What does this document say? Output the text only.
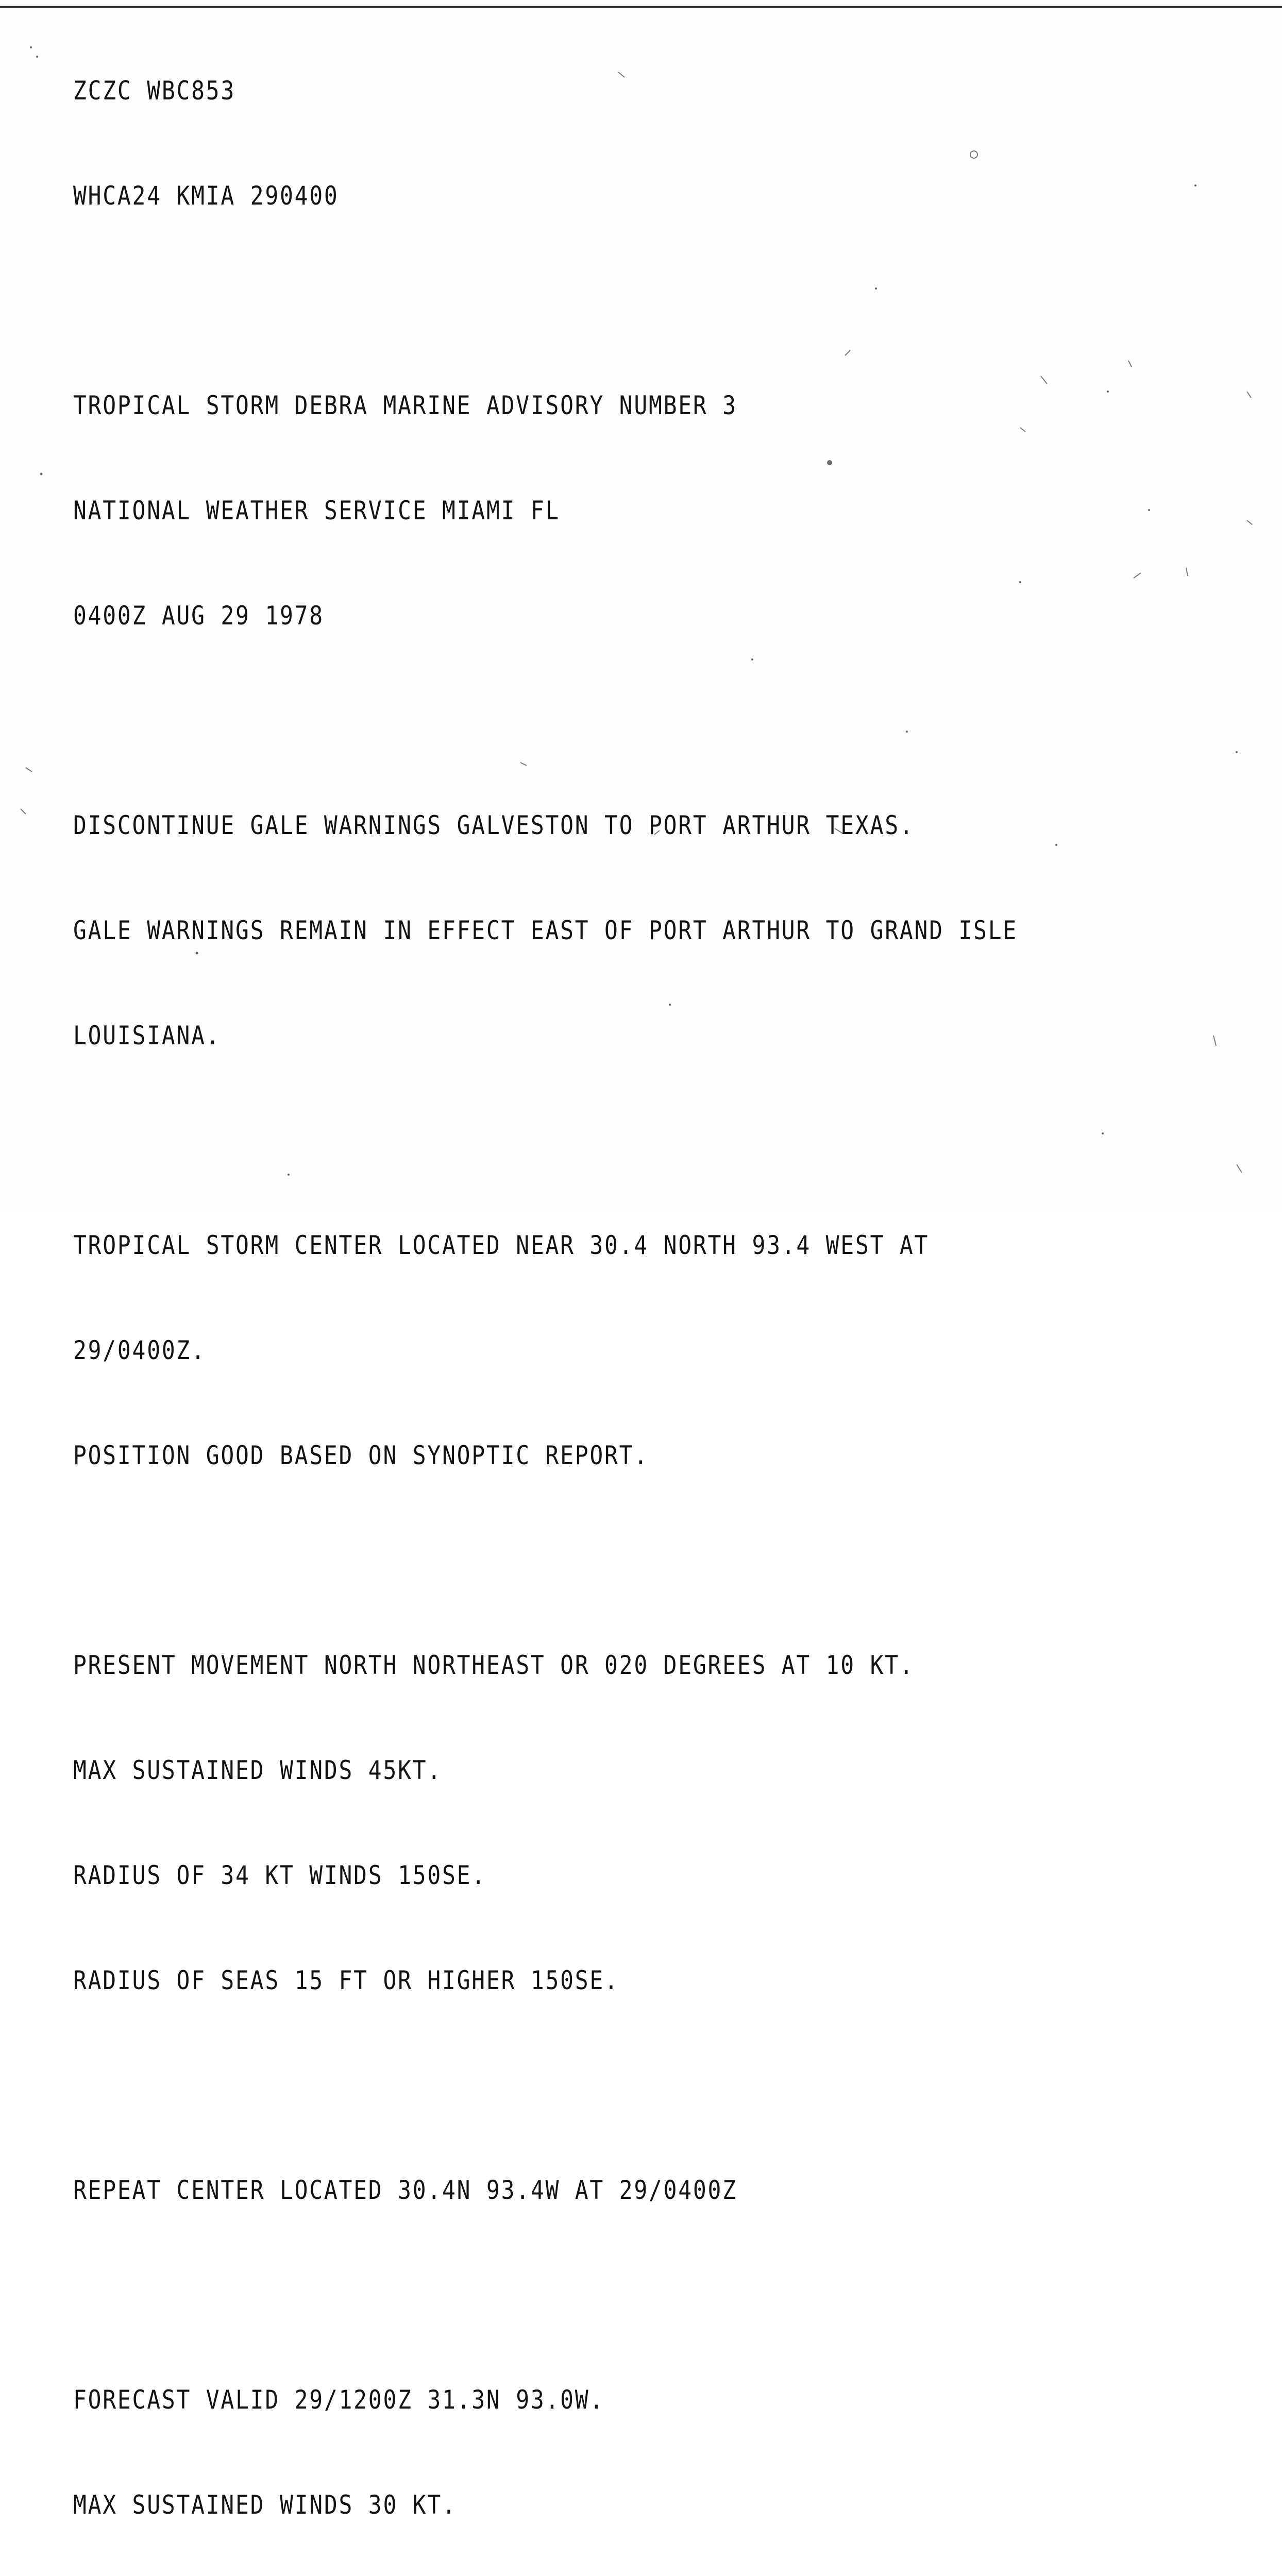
ZCZC WBC853

WHCA24 KMIA 290400

TROPICAL STORM DEBRA MARINE ADVISORY NUMBER 3

NATIONAL WEATHER SERVICE MIAMI FL

0400Z AUG 29 1978

DISCONTINUE GALE WARNINGS GALVESTON TO PORT ARTHUR TEXAS.

GALE WARNINGS REMAIN IN EFFECT EAST OF PORT ARTHUR TO GRAND ISLE

LOUISIANA.

TROPICAL STORM CENTER LOCATED NEAR 30.4 NORTH 93.4 WEST AT

29/0400Z.

POSITION GOOD BASED ON SYNOPTIC REPORT.

PRESENT MOVEMENT NORTH NORTHEAST OR 020 DEGREES AT 10 KT.

MAX SUSTAINED WINDS 45KT.

RADIUS OF 34 KT WINDS 150SE.

RADIUS OF SEAS 15 FT OR HIGHER 150SE.

REPEAT CENTER LOCATED 30.4N 93.4W AT 29/0400Z

FORECAST VALID 29/1200Z 31.3N 93.0W.

MAX SUSTAINED WINDS 30 KT.
